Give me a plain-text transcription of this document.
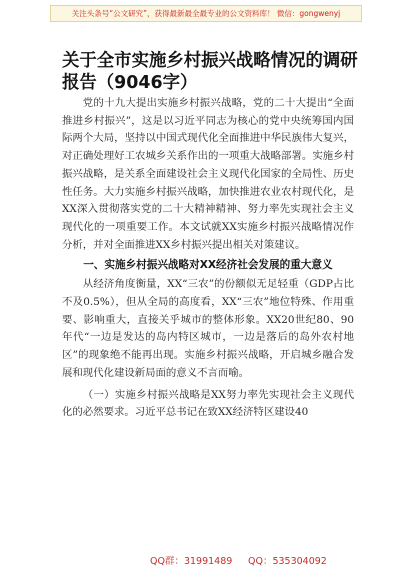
关注头条号“公文研究”，获得最新最全最专业的公文资料库！ 微信：gongwenyj
关于全市实施乡村振兴战略情况的调研报告（9046字）

党的十九大提出实施乡村振兴战略，党的二十大提出“全面推进乡村振兴”，这是以习近平同志为核心的党中央统筹国内国际两个大局，坚持以中国式现代化全面推进中华民族伟大复兴，对正确处理好工农城乡关系作出的一项重大战略部署。实施乡村振兴战略，是关系全面建设社会主义现代化国家的全局性、历史性任务。大力实施乡村振兴战略，加快推进农业农村现代化，是XX深入贯彻落实党的二十大精神精神、努力率先实现社会主义现代化的一项重要工作。本文试就XX实施乡村振兴战略情况作分析，并对全面推进XX乡村振兴提出相关对策建议。

一、实施乡村振兴战略对XX经济社会发展的重大意义

从经济角度衡量，XX“三农”的份额似无足轻重（GDP占比不及0.5%），但从全局的高度看，XX“三农”地位特殊、作用重要、影响重大，直接关乎城市的整体形象。XX20世纪80、90年代“一边是发达的岛内特区城市，一边是落后的岛外农村地区”的现象绝不能再出现。实施乡村振兴战略，开启城乡融合发展和现代化建设新局面的意义不言而喻。

（一）实施乡村振兴战略是XX努力率先实现社会主义现代化的必然要求。习近平总书记在致XX经济特区建设40

QQ群：31991489 QQ：535304092
